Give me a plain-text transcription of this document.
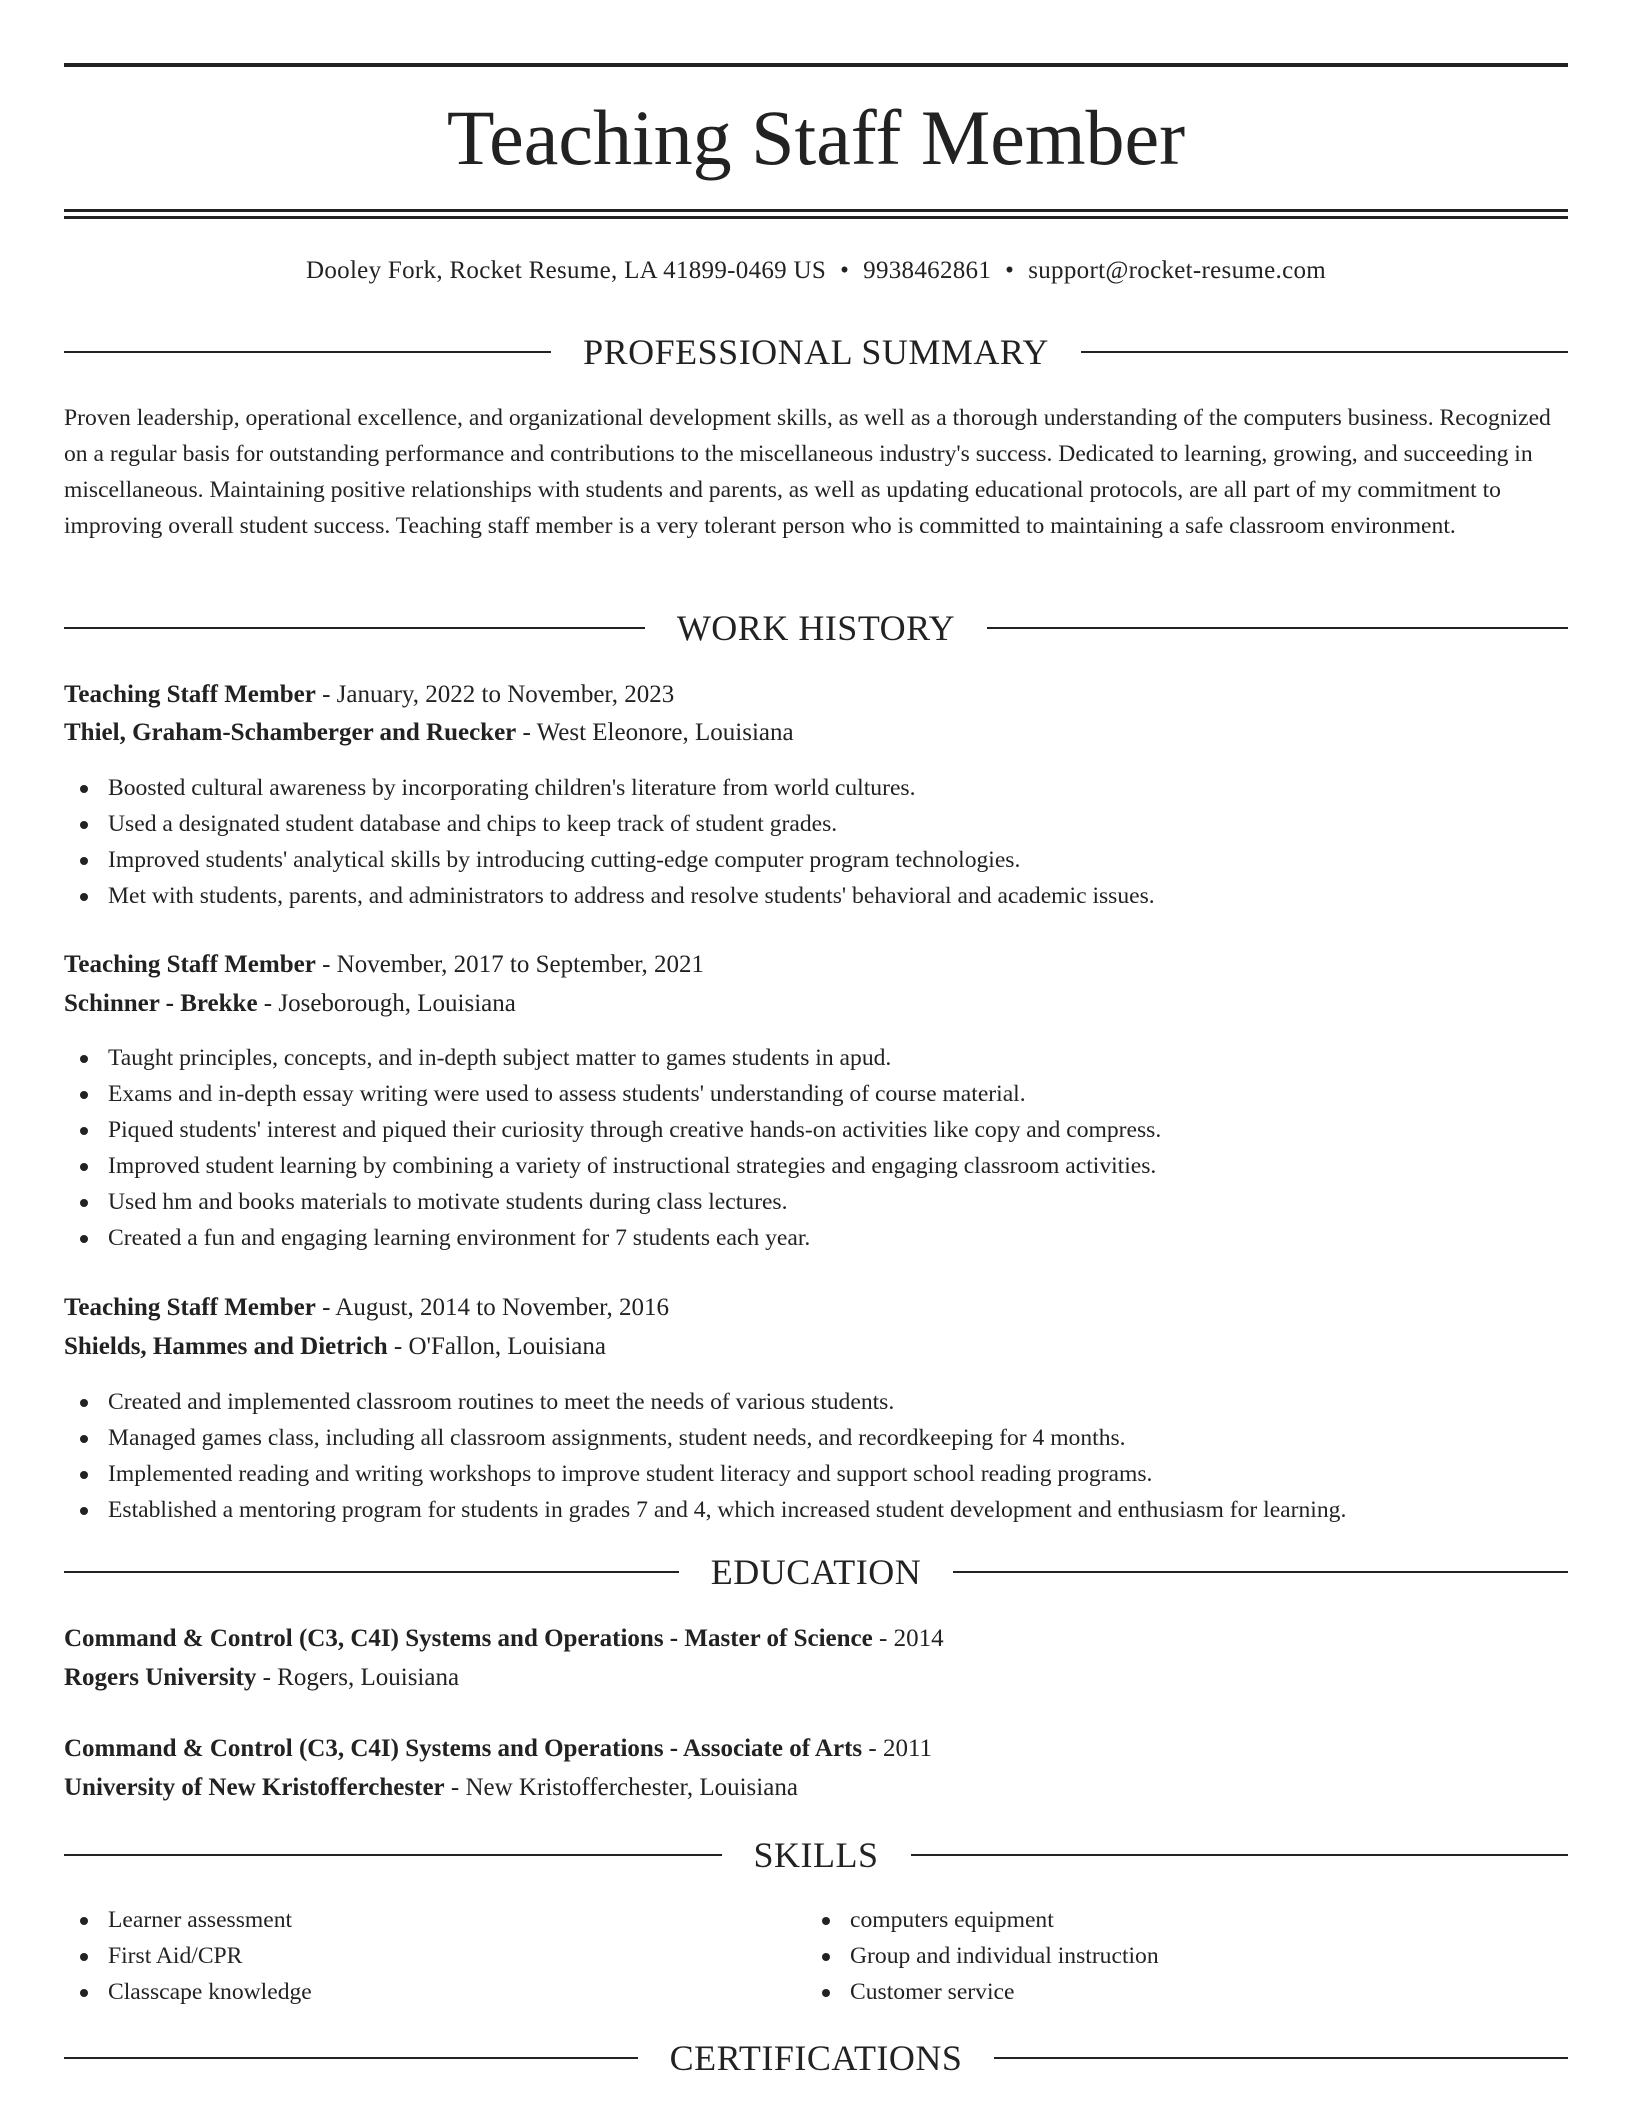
Teaching Staff Member
Dooley Fork, Rocket Resume, LA 41899-0469 US • 9938462861 • support@rocket-resume.com
PROFESSIONAL SUMMARY

Proven leadership, operational excellence, and organizational development skills, as well as a thorough understanding of the computers business. Recognized on a regular basis for outstanding performance and contributions to the miscellaneous industry's success. Dedicated to learning, growing, and succeeding in miscellaneous. Maintaining positive relationships with students and parents, as well as updating educational protocols, are all part of my commitment to improving overall student success. Teaching staff member is a very tolerant person who is committed to maintaining a safe classroom environment.

WORK HISTORY
Teaching Staff Member - January, 2022 to November, 2023
Thiel, Graham-Schamberger and Ruecker - West Eleonore, Louisiana
Boosted cultural awareness by incorporating children's literature from world cultures.
Used a designated student database and chips to keep track of student grades.
Improved students' analytical skills by introducing cutting-edge computer program technologies.
Met with students, parents, and administrators to address and resolve students' behavioral and academic issues.
Teaching Staff Member - November, 2017 to September, 2021
Schinner - Brekke - Joseborough, Louisiana
Taught principles, concepts, and in-depth subject matter to games students in apud.
Exams and in-depth essay writing were used to assess students' understanding of course material.
Piqued students' interest and piqued their curiosity through creative hands-on activities like copy and compress.
Improved student learning by combining a variety of instructional strategies and engaging classroom activities.
Used hm and books materials to motivate students during class lectures.
Created a fun and engaging learning environment for 7 students each year.
Teaching Staff Member - August, 2014 to November, 2016
Shields, Hammes and Dietrich - O'Fallon, Louisiana
Created and implemented classroom routines to meet the needs of various students.
Managed games class, including all classroom assignments, student needs, and recordkeeping for 4 months.
Implemented reading and writing workshops to improve student literacy and support school reading programs.
Established a mentoring program for students in grades 7 and 4, which increased student development and enthusiasm for learning.
EDUCATION
Command & Control (C3, C4I) Systems and Operations - Master of Science - 2014
Rogers University - Rogers, Louisiana
Command & Control (C3, C4I) Systems and Operations - Associate of Arts - 2011
University of New Kristofferchester - New Kristofferchester, Louisiana
SKILLS
Learner assessment
First Aid/CPR
Classcape knowledge
computers equipment
Group and individual instruction
Customer service
CERTIFICATIONS
